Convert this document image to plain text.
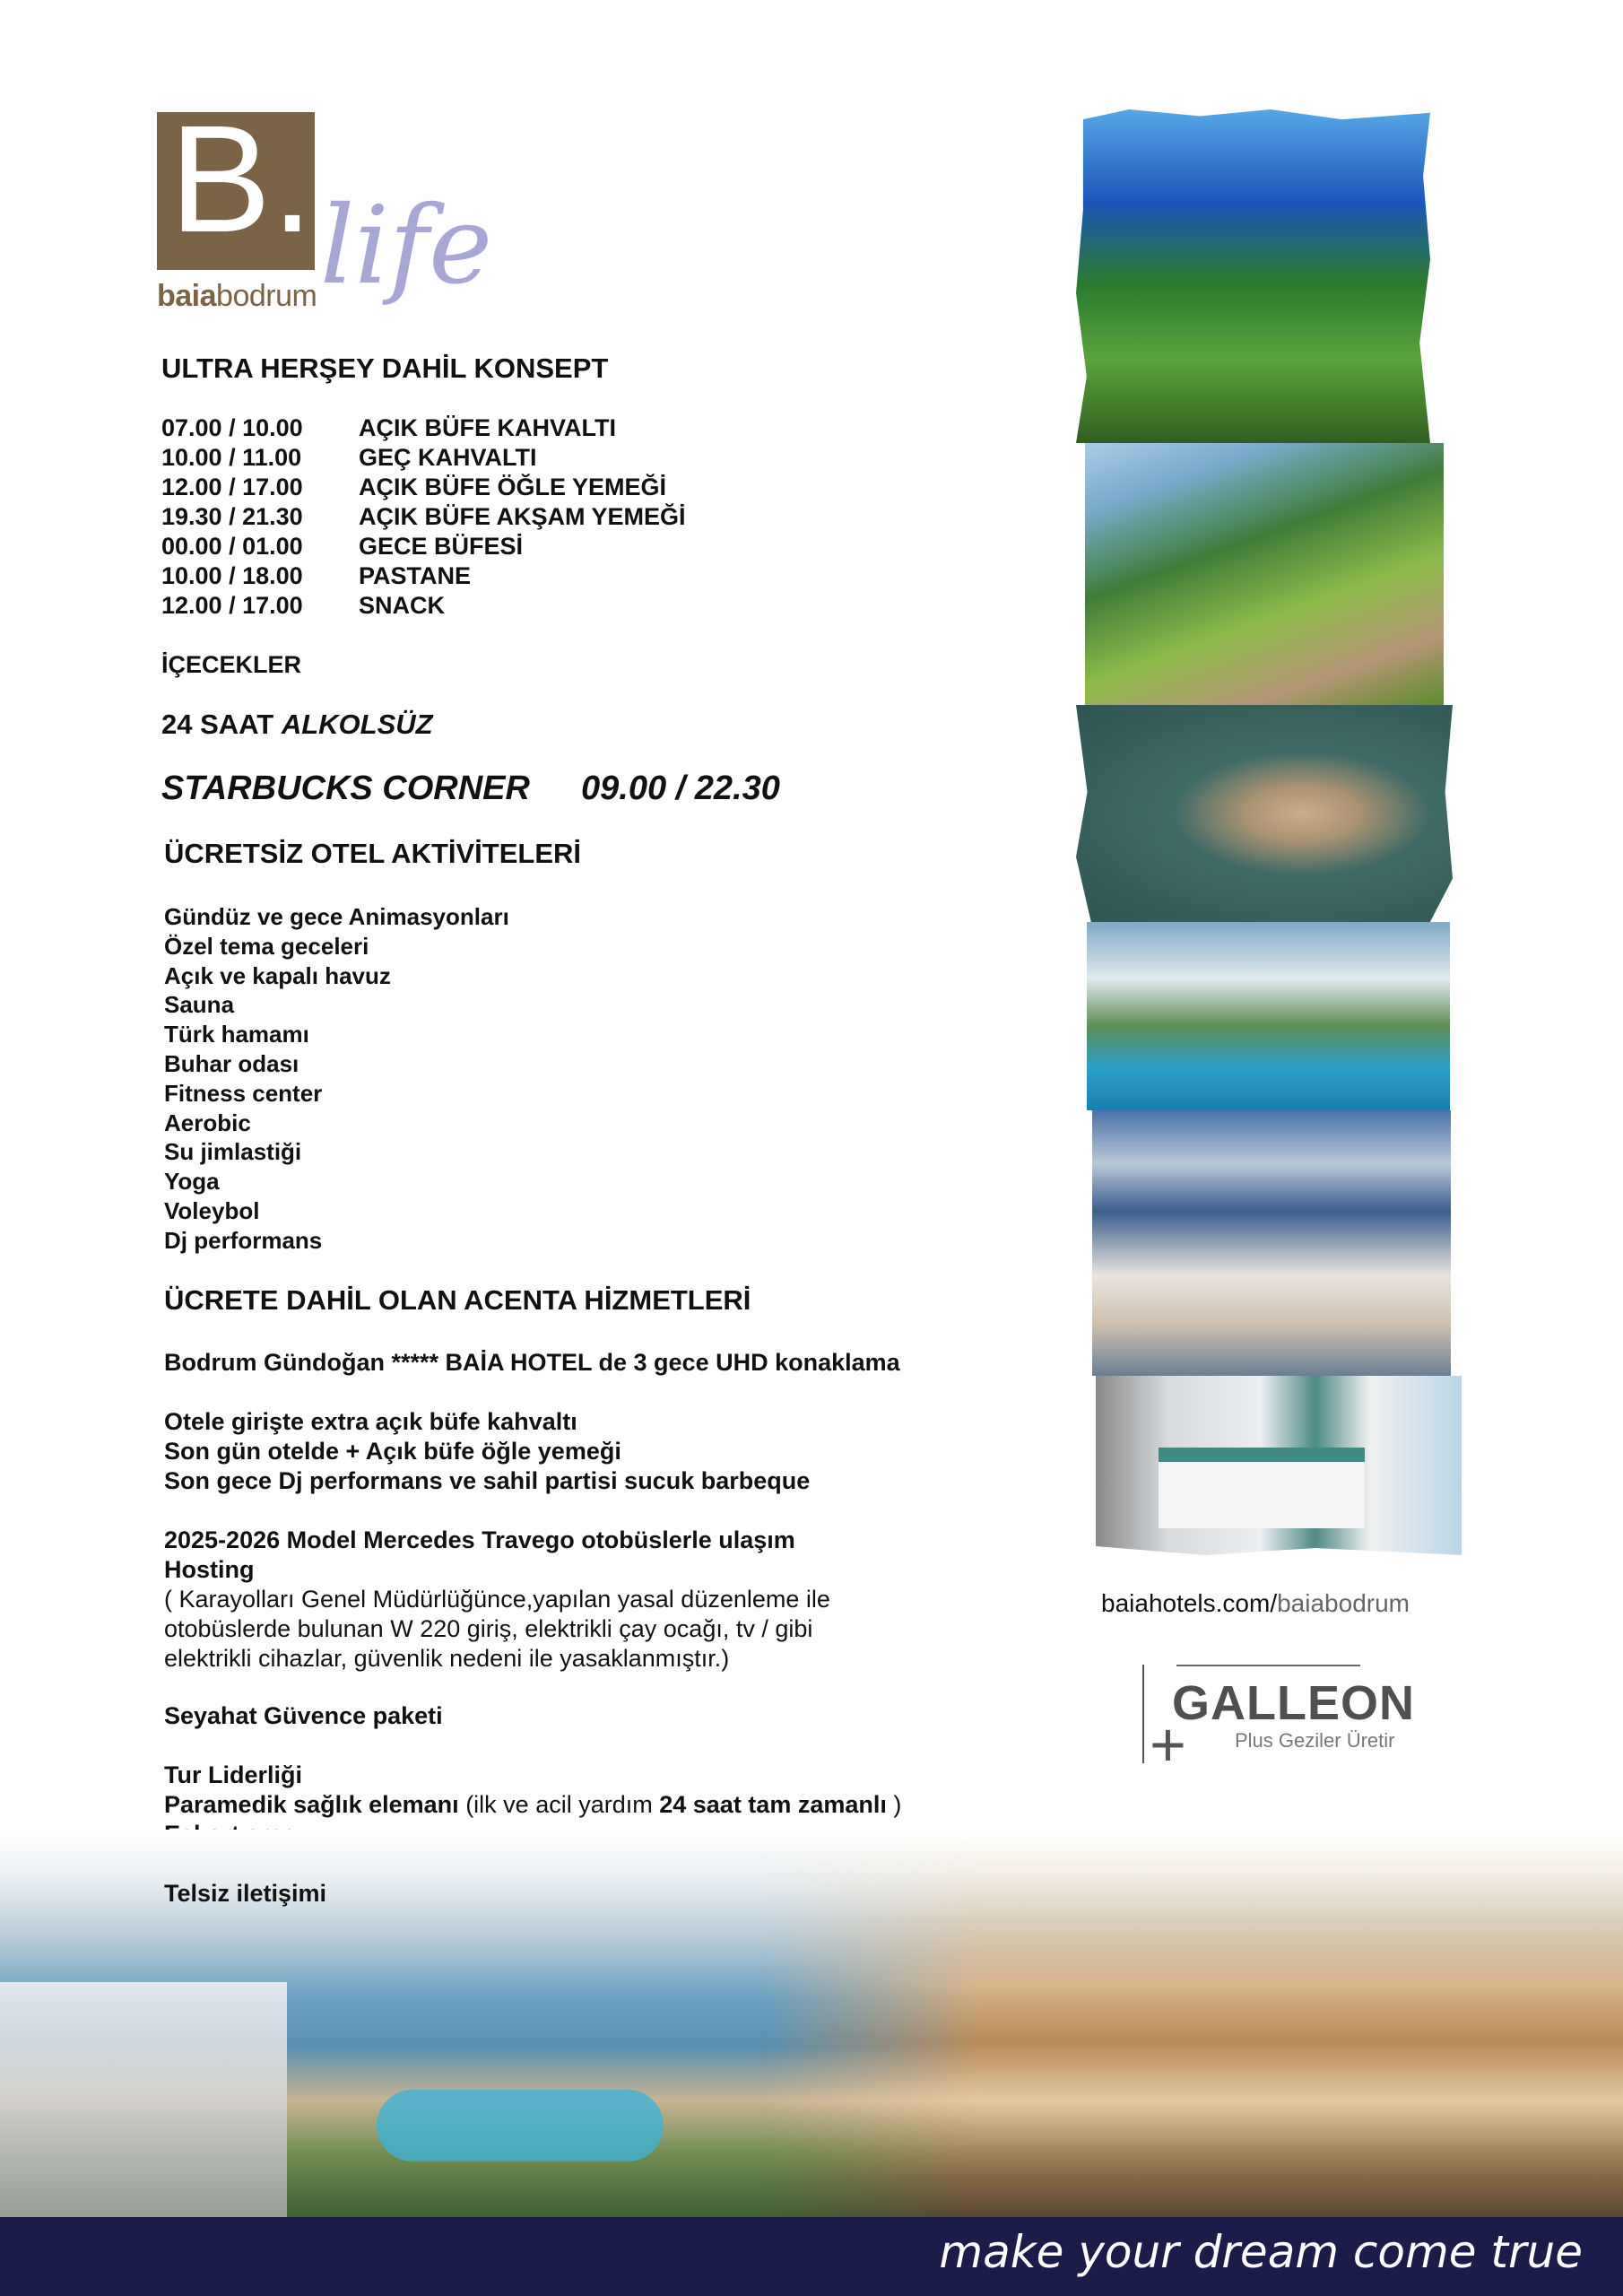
B.
baiabodrum life
ULTRA HERŞEY DAHİL KONSEPT
07.00 / 10.00 AÇIK BÜFE KAHVALTI
10.00 / 11.00 GEÇ KAHVALTI
12.00 / 17.00 AÇIK BÜFE ÖĞLE YEMEĞİ
19.30 / 21.30 AÇIK BÜFE AKŞAM YEMEĞİ
00.00 / 01.00 GECE BÜFESİ
10.00 / 18.00 PASTANE
12.00 / 17.00 SNACK
İÇECEKLER
24 SAAT ALKOLSÜZ
STARBUCKS CORNER 09.00 / 22.30
ÜCRETSİZ OTEL AKTİVİTELERİ
Gündüz ve gece Animasyonları
Özel tema geceleri
Açık ve kapalı havuz
Sauna
Türk hamamı
Buhar odası
Fitness center
Aerobic
Su jimlastiği
Yoga
Voleybol
Dj performans
ÜCRETE DAHİL OLAN ACENTA HİZMETLERİ
Bodrum Gündoğan ***** BAİA HOTEL de 3 gece UHD konaklama
Otele girişte extra açık büfe kahvaltı
Son gün otelde + Açık büfe öğle yemeği
Son gece Dj performans ve sahil partisi sucuk barbeque
2025-2026 Model Mercedes Travego otobüslerle ulaşım
Hosting
( Karayolları Genel Müdürlüğünce,yapılan yasal düzenleme ile
otobüslerde bulunan W 220 giriş, elektrikli çay ocağı, tv / gibi
elektrikli cihazlar, güvenlik nedeni ile yasaklanmıştır.)
Seyahat Güvence paketi
Tur Liderliği
Paramedik sağlık elemanı (ilk ve acil yardım 24 saat tam zamanlı )
Telsiz iletişimi
baiahotels.com/baiabodrum
+
GALLEON
Plus Geziler Üretir
make your dream come true
